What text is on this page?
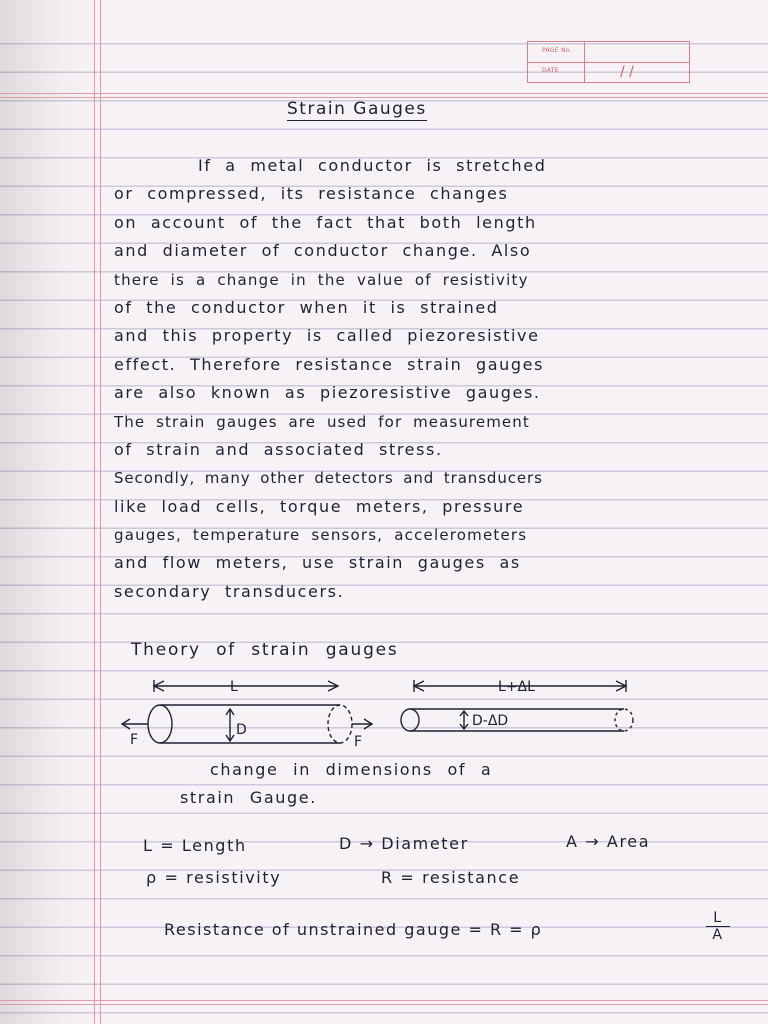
PAGE No.
DATE	/ /
Strain Gauges
If a metal conductor is stretched
or compressed, its resistance changes
on account of the fact that both length
and diameter of conductor change. Also
there is a change in the value of resistivity
of the conductor when it is strained
and this property is called piezoresistive
effect. Therefore resistance strain gauges
are also known as piezoresistive gauges.
The strain gauges are used for measurement
of strain and associated stress.
Secondly, many other detectors and transducers
like load cells, torque meters, pressure
gauges, temperature sensors, accelerometers
and flow meters, use strain gauges as
secondary transducers.
Theory of strain gauges
L
D
F	F
L+ΔL
D-ΔD
change in dimensions of a
strain Gauge.
L = Length	D → Diameter	A → Area
ρ = resistivity	R = resistance
Resistance of unstrained gauge = R = ρ	$\frac{L}{A}$
